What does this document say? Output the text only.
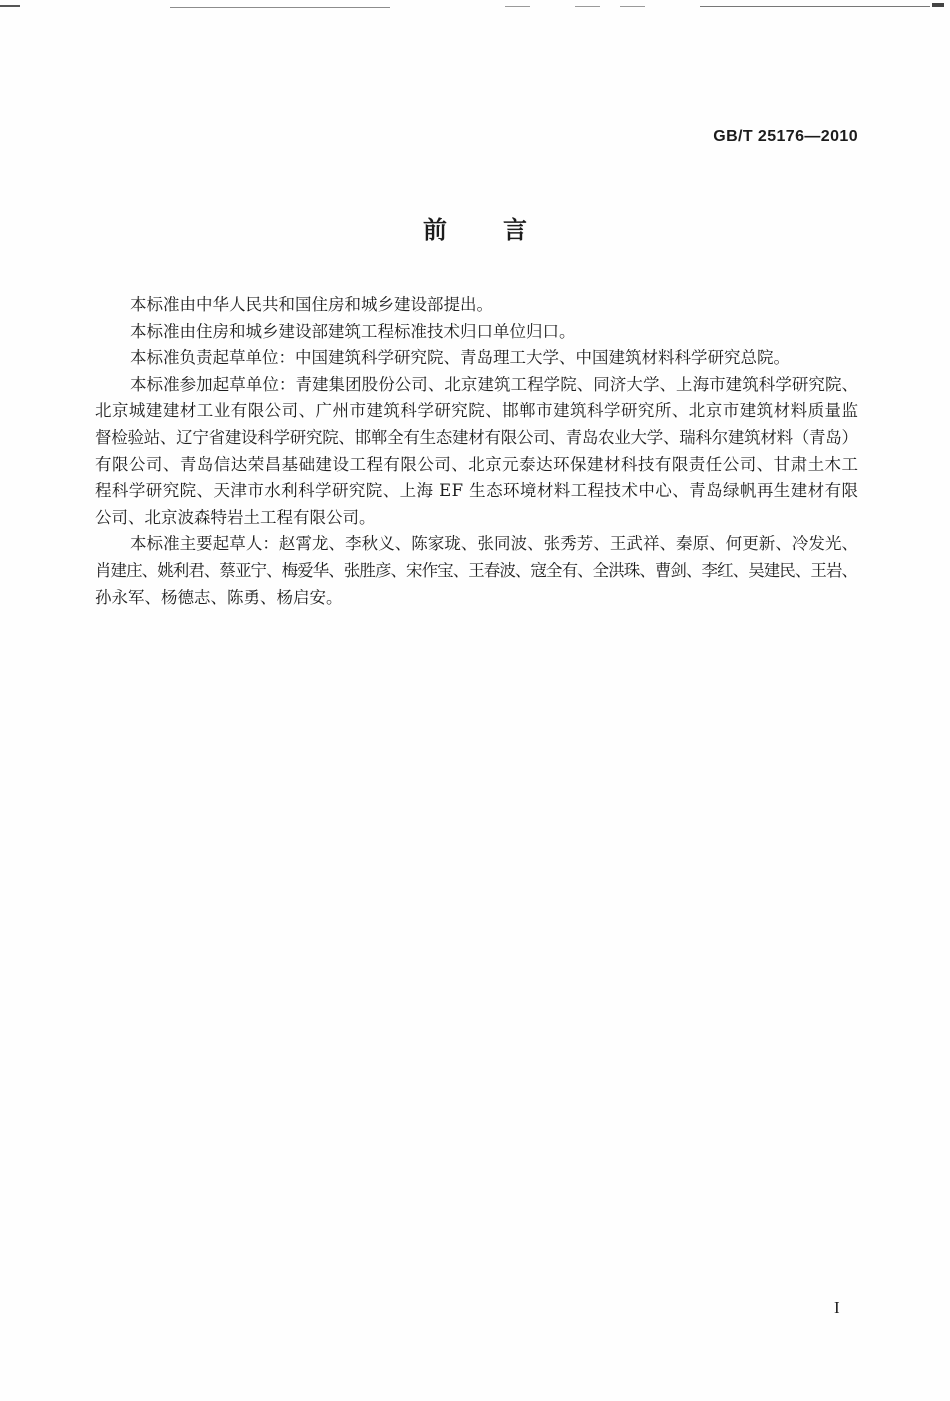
GB/T 25176—2010
前　言
本标准由中华人民共和国住房和城乡建设部提出。
本标准由住房和城乡建设部建筑工程标准技术归口单位归口。
本标准负责起草单位：中国建筑科学研究院、青岛理工大学、中国建筑材料科学研究总院。
本标准参加起草单位：青建集团股份公司、北京建筑工程学院、同济大学、上海市建筑科学研究院、
北京城建建材工业有限公司、广州市建筑科学研究院、邯郸市建筑科学研究所、北京市建筑材料质量监
督检验站、辽宁省建设科学研究院、邯郸全有生态建材有限公司、青岛农业大学、瑞科尔建筑材料（青岛）
有限公司、青岛信达荣昌基础建设工程有限公司、北京元泰达环保建材科技有限责任公司、甘肃土木工
程科学研究院、天津市水利科学研究院、上海 EF 生态环境材料工程技术中心、青岛绿帆再生建材有限
公司、北京波森特岩土工程有限公司。
本标准主要起草人：赵霄龙、李秋义、陈家珑、张同波、张秀芳、王武祥、秦原、何更新、冷发光、
肖建庄、姚利君、蔡亚宁、梅爱华、张胜彦、宋作宝、王春波、寇全有、全洪珠、曹剑、李红、吴建民、王岩、
孙永军、杨德志、陈勇、杨启安。
I
